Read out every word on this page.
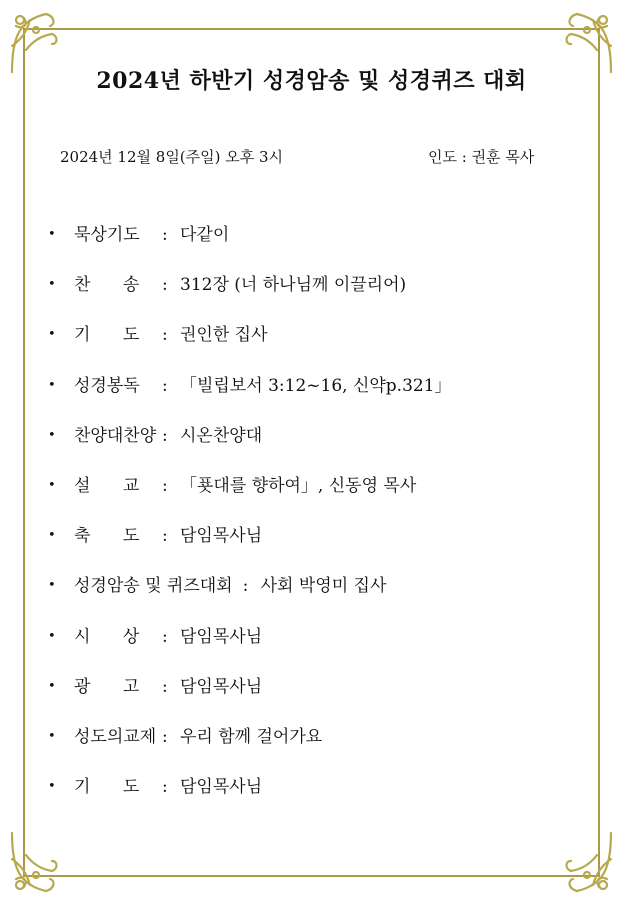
2024년 하반기 성경암송 및 성경퀴즈 대회
2024년 12월 8일(주일) 오후 3시	인도 : 권훈 목사
•	묵상기도	: 다같이
•	찬      송	: 312장 (너 하나님께 이끌리어)
•	기      도	: 권인한 집사
•	성경봉독	: 「빌립보서 3:12~16, 신약p.321」
•	찬양대찬양 : 시온찬양대
•	설      교	: 「푯대를 향하여」, 신동영 목사
•	축      도	: 담임목사님
•	성경암송 및 퀴즈대회 : 사회 박영미 집사
•	시      상	: 담임목사님
•	광      고	: 담임목사님
•	성도의교제 : 우리 함께 걸어가요
•	기      도	: 담임목사님
